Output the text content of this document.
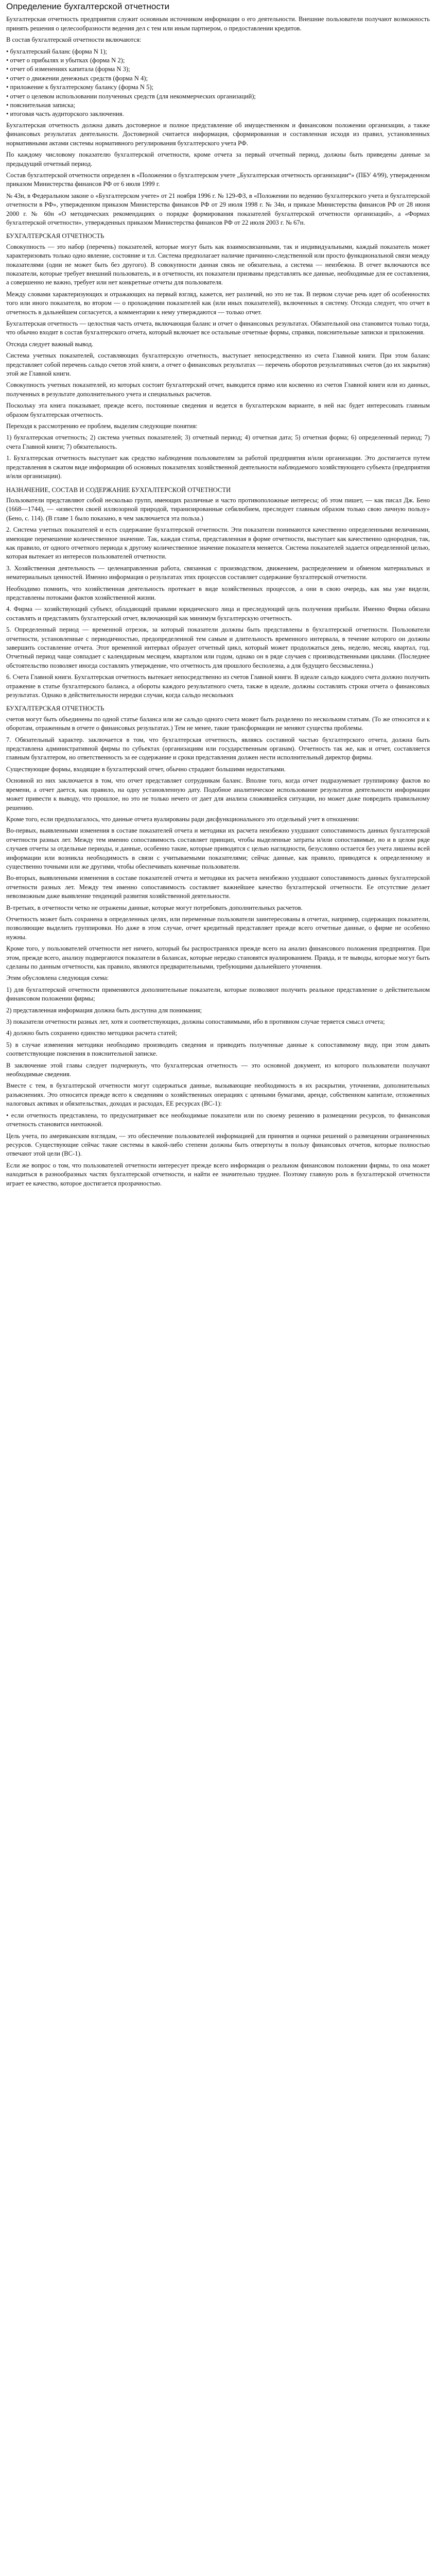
Определение бухгалтерской отчетности

Бухгалтерская отчетность предприятия служит основным источником информации о его деятельности. Внешние пользователи получают возможность принять решения о целесообразности ведения дел с тем или иным партнером, о предоставлении кредитов.

В состав бухгалтерской отчетности включаются:

• бухгалтерский баланс (форма N 1);
• отчет о прибылях и убытках (форма N 2);
• отчет об изменениях капитала (форма N 3);
• отчет о движении денежных средств (форма N 4);
• приложение к бухгалтерскому балансу (форма N 5);
• отчет о целевом использовании полученных средств (для некоммерческих организаций);
• пояснительная записка;
• итоговая часть аудиторского заключения.

Бухгалтерская отчетность должна давать достоверное и полное представление об имущественном и финансовом положении организации, а также финансовых результатах деятельности. Достоверной считается информация, сформированная и составленная исходя из правил, установленных нормативными актами системы нормативного регулирования бухгалтерского учета РФ.

По каждому числовому показателю бухгалтерской отчетности, кроме отчета за первый отчетный период, должны быть приведены данные за предыдущий отчетный период.

Состав бухгалтерской отчетности определен в «Положении о бухгалтерском учете „Бухгалтерская отчетность организации“» (ПБУ 4/99), утвержденном приказом Министерства финансов РФ от 6 июля 1999 г.

№ 43н, в Федеральном законе о «Бухгалтерском учете» от 21 ноября 1996 г. № 129-ФЗ, в «Положении по ведению бухгалтерского учета и бухгалтерской отчетности в РФ», утвержденном приказом Министерства финансов РФ от 29 июля 1998 г. № 34н, и приказе Министерства финансов РФ от 28 июня 2000 г. № 60н «О методических рекомендациях о порядке формирования показателей бухгалтерской отчетности организаций», а «Формах бухгалтерской отчетности», утвержденных приказом Министерства финансов РФ от 22 июля 2003 г. № 67н.

БУХГАЛТЕРСКАЯ ОТЧЕТНОСТЬ

Совокупность — это набор (перечень) показателей, которые могут быть как взаимосвязанными, так и индивидуальными, каждый показатель может характеризовать только одно явление, состояние и т.п. Система предполагает наличие причинно-следственной или просто функциональной связи между показателями (одни не может быть без другого). В совокупности данная связь не обязательна, а система — неизбежна. В отчет включаются все показатели, которые требует внешний пользователь, и в отчетности, их показатели призваны представлять все данные, необходимые для ее составления, а совершенно не важно, требует или нет конкретные отчеты для пользователя.

Между словами характеризующих и отражающих на первый взгляд, кажется, нет различий, но это не так. В первом случае речь идет об особенностях того или иного показателя, во втором — о прохождении показателей как (или иных показателей), включенных в систему. Отсюда следует, что отчет в отчетность в дальнейшем согласуется, а комментарии к нему утверждаются — только отчет.

Бухгалтерская отчетность — целостная часть отчета, включающая баланс и отчет о финансовых результатах. Обязательной она становится только тогда, что обычно входит в состав бухгалтерского отчета, который включает все остальные отчетные формы, справки, пояснительные записки и приложения.

Отсюда следует важный вывод.

Система учетных показателей, составляющих бухгалтерскую отчетность, выступает непосредственно из счета Главной книги. При этом баланс представляет собой перечень сальдо счетов этой книги, а отчет о финансовых результатах — перечень оборотов результативных счетов (до их закрытия) этой же Главной книги.

Совокупность учетных показателей, из которых состоит бухгалтерский отчет, выводится прямо или косвенно из счетов Главной книги или из данных, полученных в результате дополнительного учета и специальных расчетов.

Поскольку эта книга показывает, прежде всего, постоянные сведения и ведется в бухгалтерском варианте, в ней нас будет интересовать главным образом бухгалтерская отчетность.

Переходя к рассмотрению ее проблем, выделим следующие понятия:

1) бухгалтерская отчетность; 2) система учетных показателей; 3) отчетный период; 4) отчетная дата; 5) отчетная форма; 6) определенный период; 7) счета Главной книги; 7) обязательность.

1. Бухгалтерская отчетность выступает как средство наблюдения пользователям за работой предприятия и/или организации. Это достигается путем представления в сжатом виде информации об основных показателях хозяйственной деятельности наблюдаемого хозяйствующего субъекта (предприятия и/или организации).

НАЗНАЧЕНИЕ, СОСТАВ И СОДЕРЖАНИЕ БУХГАЛТЕРСКОЙ ОТЧЕТНОСТИ

Пользователи представляют собой несколько групп, имеющих различные и часто противоположные интересы; об этом пишет, — как писал Дж. Бено (1668—1744), — «известен своей иллюзорной природой, тиранизированные себялюбием, преследует главным образом только свою личную пользу» (Бено, с. 114). (В главе 1 было показано, в чем заключается эта польза.)

2. Система учетных показателей и есть содержание бухгалтерской отчетности. Эти показатели понимаются качественно определенными величинами, имеющие перемешение количественное значение. Так, каждая статья, представленная в форме отчетности, выступает как качественно однородная, так, как правило, от одного отчетного периода к другому количественное значение показателя меняется. Система показателей задается определенной целью, которая вытекает из интересов пользователей отчетности.

3. Хозяйственная деятельность — целенаправленная работа, связанная с производством, движением, распределением и обменом материальных и нематериальных ценностей. Именно информация о результатах этих процессов составляет содержание бухгалтерской отчетности.

Необходимо помнить, что хозяйственная деятельность протекает в виде хозяйственных процессов, а они в свою очередь, как мы уже видели, представлены потоками фактов хозяйственной жизни.

4. Фирма — хозяйствующий субъект, обладающий правами юридического лица и преследующий цель получения прибыли. Именно Фирма обязана составлять и представлять бухгалтерский отчет, включающий как минимум бухгалтерскую отчетность.

5. Определенный период — временной отрезок, за который показатели должны быть представлены в бухгалтерской отчетности. Пользователи отчетности, установленные с периодичностью, предопределенной тем самым и длительность временного интервала, в течение которого он должны завершить составление отчета. Этот временной интервал образует отчетный цикл, который может продолжаться день, неделю, месяц, квартал, год. Отчетный период чаще совпадает с календарным месяцем, кварталом или годом, однако он в ряде случаев с производственными циклами. (Последнее обстоятельство позволяет иногда составлять утверждение, что отчетность для прошлого бесполезна, а для будущего бессмысленна.)

6. Счета Главной книги. Бухгалтерская отчетность вытекает непосредственно из счетов Главной книги. В идеале сальдо каждого счета должно получить отражение в статье бухгалтерского баланса, а обороты каждого результатного счета, также в идеале, должны составлять строки отчета о финансовых результатах. Однако в действительности нередки случаи, когда сальдо нескольких

БУХГАЛТЕРСКАЯ ОТЧЕТНОСТЬ

счетов могут быть объединены по одной статье баланса или же сальдо одного счета может быть разделено по нескольким статьям. (То же относится и к оборотам, отраженным в отчете о финансовых результатах.) Тем не менее, такие трансформации не меняют существа проблемы.

7. Обязательный характер. заключается в том, что бухгалтерская отчетность, являясь составной частью бухгалтерского отчета, должна быть представлена административной фирмы по субъектах (организациям или государственным органам). Отчетность так же, как и отчет, составляется главным бухгалтером, но ответственность за ее содержание и сроки представления должен нести исполнительный директор фирмы.

Существующие формы, входящие в бухгалтерский отчет, обычно страдают большими недостатками.

Основной из них заключается в том, что отчет представляет сотрудникам баланс. Вполне того, когда отчет подразумевает группировку фактов во времени, а отчет дается, как правило, на одну установленную дату. Подобное аналитическое использование результатов деятельности информации может привести к выводу, что прошлое, но это не только нечего от дает для анализа сложившейся ситуации, но может даже повредить правильному решению.

Кроме того, если предполагалось, что данные отчета вуалированы ради дисфункционального это отдельный учет в отношении:

Во-первых, выявленными изменения в составе показателей отчета и методики их расчета неизбежно ухудшают сопоставимость данных бухгалтерской отчетности разных лет. Между тем именно сопоставимость составляет принцип, чтобы выделенные затраты и/или сопоставимые, но и в целом ряде случаев отчеты за отдельные периоды, и данные, особенно такие, которые приводятся с целью наглядности, безусловно остается без учета лишены всей информации или возникла необходимость в связи с учитываемыми показателями; сейчас данные, как правило, приводятся к определенному и существенно точными или же другими, чтобы обеспечивать конечные пользователи.

Во-вторых, выявленными изменения в составе показателей отчета и методики их расчета неизбежно ухудшают сопоставимость данных бухгалтерской отчетности разных лет. Между тем именно сопоставимость составляет важнейшее качество бухгалтерской отчетности. Ее отсутствие делает невозможным даже выявление тенденций развития хозяйственной деятельности.

В-третьих, в отчетности четко не отражены данные, которые могут потребовать дополнительных расчетов.

Отчетность может быть сохранена в определенных целях, или переменные пользователи заинтересованы в отчетах, например, содержащих показатели, позволяющие выделить группировки. Но даже в этом случае, отчет кредитный представляет прежде всего отчетные данные, о фирме не особенно нужны.

Кроме того, у пользователей отчетности нет ничего, который бы распространялся прежде всего на анализ финансового положения предприятия. При этом, прежде всего, анализу подвергаются показатели в балансах, которые нередко становятся вуалированием. Правда, и те выводы, которые могут быть сделаны по данным отчетности, как правило, являются предварительными, требующими дальнейшего уточнения.

Этим обусловлена следующая схема:

1) для бухгалтерской отчетности применяются дополнительные показатели, которые позволяют получить реальное представление о действительном финансовом положении фирмы;

2) представленная информация должна быть доступна для понимания;

3) показатели отчетности разных лет, хотя и соответствующих, должны сопоставимыми, ибо в противном случае теряется смысл отчета;

4) должно быть сохранено единство методики расчета статей;

5) в случае изменения методики необходимо производить сведения и приводить полученные данные к сопоставимому виду, при этом давать соответствующие пояснения в пояснительной записке.

В заключение этой главы следует подчеркнуть, что бухгалтерская отчетность — это основной документ, из которого пользователи получают необходимые сведения.

Вместе с тем, в бухгалтерской отчетности могут содержаться данные, вызывающие необходимость в их раскрытии, уточнении, дополнительных разъяснениях. Это относится прежде всего к сведениям о хозяйственных операциях с ценными бумагами, аренде, собственном капитале, отложенных налоговых активах и обязательствах, доходах и расходах, ЕЕ ресурсах (ВС-1):

• если отчетность представлена, то предусматривает все необходимые показатели или по своему решению в размещении ресурсов, то финансовая отчетность становится ничтожной.

Цель учета, по американским взглядам, — это обеспечение пользователей информацией для принятия и оценки решений о размещении ограниченных ресурсов. Существующие сейчас такие системы в какой-либо степени должны быть отвергнуты в пользу финансовых отчетов, которые полностью отвечают этой цели (ВС-1).

Если же вопрос о том, что пользователей отчетности интересует прежде всего информация о реальном финансовом положении фирмы, то она может находиться в разнообразных частях бухгалтерской отчетности, и найти ее значительно труднее. Поэтому главную роль в бухгалтерской отчетности играет ее качество, которое достигается прозрачностью.
